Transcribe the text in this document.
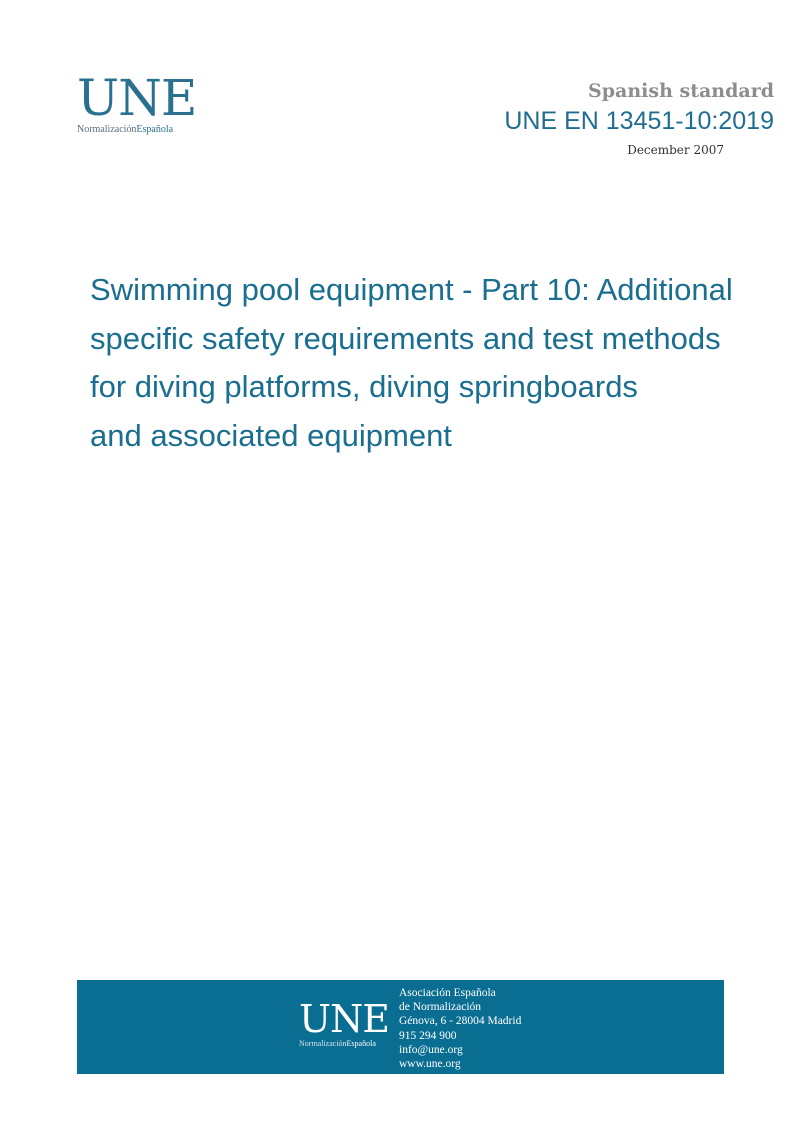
UNE
NormalizaciónEspañola
Spanish standard
UNE EN 13451-10:2019
December 2007
Swimming pool equipment - Part 10: Additional
specific safety requirements and test methods
for diving platforms, diving springboards
and associated equipment
UNE
NormalizaciónEspañola
Asociación Española
de Normalización
Génova, 6 - 28004 Madrid
915 294 900
info@une.org
www.une.org
